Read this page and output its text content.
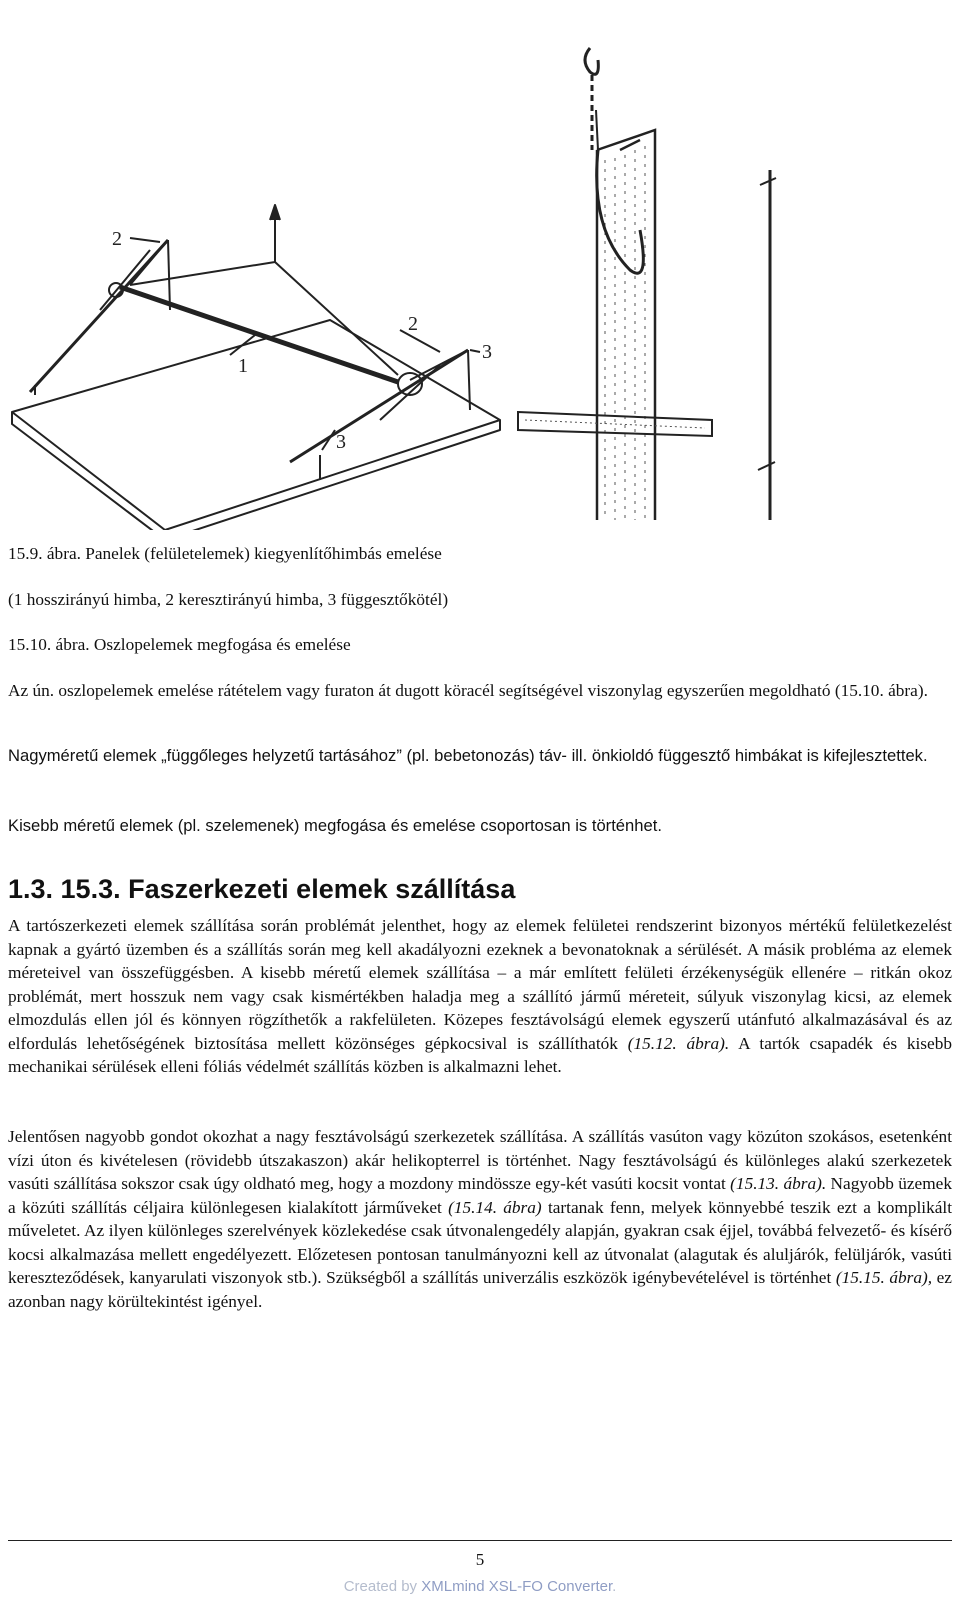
2
1
2
3
3

15.9. ábra. Panelek (felületelemek) kiegyenlítőhimbás emelése

(1 hosszirányú himba, 2 keresztirányú himba, 3 függesztőkötél)

15.10. ábra. Oszlopelemek megfogása és emelése

Az ún. oszlopelemek emelése rátételem vagy furaton át dugott köracél segítségével viszonylag egyszerűen megoldható (15.10. ábra).

Nagyméretű elemek „függőleges helyzetű tartásához” (pl. bebetonozás) táv- ill. önkioldó függesztő himbákat is kifejlesztettek.

Kisebb méretű elemek (pl. szelemenek) megfogása és emelése csoportosan is történhet.

1.3. 15.3. Faszerkezeti elemek szállítása

A tartószerkezeti elemek szállítása során problémát jelenthet, hogy az elemek felületei rendszerint bizonyos mértékű felületkezelést kapnak a gyártó üzemben és a szállítás során meg kell akadályozni ezeknek a bevonatoknak a sérülését. A másik probléma az elemek méreteivel van összefüggésben. A kisebb méretű elemek szállítása – a már említett felületi érzékenységük ellenére – ritkán okoz problémát, mert hosszuk nem vagy csak kismértékben haladja meg a szállító jármű méreteit, súlyuk viszonylag kicsi, az elemek elmozdulás ellen jól és könnyen rögzíthetők a rakfelületen. Közepes fesztávolságú elemek egyszerű utánfutó alkalmazásával és az elfordulás lehetőségének biztosítása mellett közönséges gépkocsival is szállíthatók (15.12. ábra). A tartók csapadék és kisebb mechanikai sérülések elleni fóliás védelmét szállítás közben is alkalmazni lehet.

Jelentősen nagyobb gondot okozhat a nagy fesztávolságú szerkezetek szállítása. A szállítás vasúton vagy közúton szokásos, esetenként vízi úton és kivételesen (rövidebb útszakaszon) akár helikopterrel is történhet. Nagy fesztávolságú és különleges alakú szerkezetek vasúti szállítása sokszor csak úgy oldható meg, hogy a mozdony mindössze egy-két vasúti kocsit vontat (15.13. ábra). Nagyobb üzemek a közúti szállítás céljaira különlegesen kialakított járműveket (15.14. ábra) tartanak fenn, melyek könnyebbé teszik ezt a komplikált műveletet. Az ilyen különleges szerelvények közlekedése csak útvonalengedély alapján, gyakran csak éjjel, továbbá felvezető- és kísérő kocsi alkalmazása mellett engedélyezett. Előzetesen pontosan tanulmányozni kell az útvonalat (alagutak és aluljárók, felüljárók, vasúti kereszteződések, kanyarulati viszonyok stb.). Szükségből a szállítás univerzális eszközök igénybevételével is történhet (15.15. ábra), ez azonban nagy körültekintést igényel.

5
Created by XMLmind XSL-FO Converter.
